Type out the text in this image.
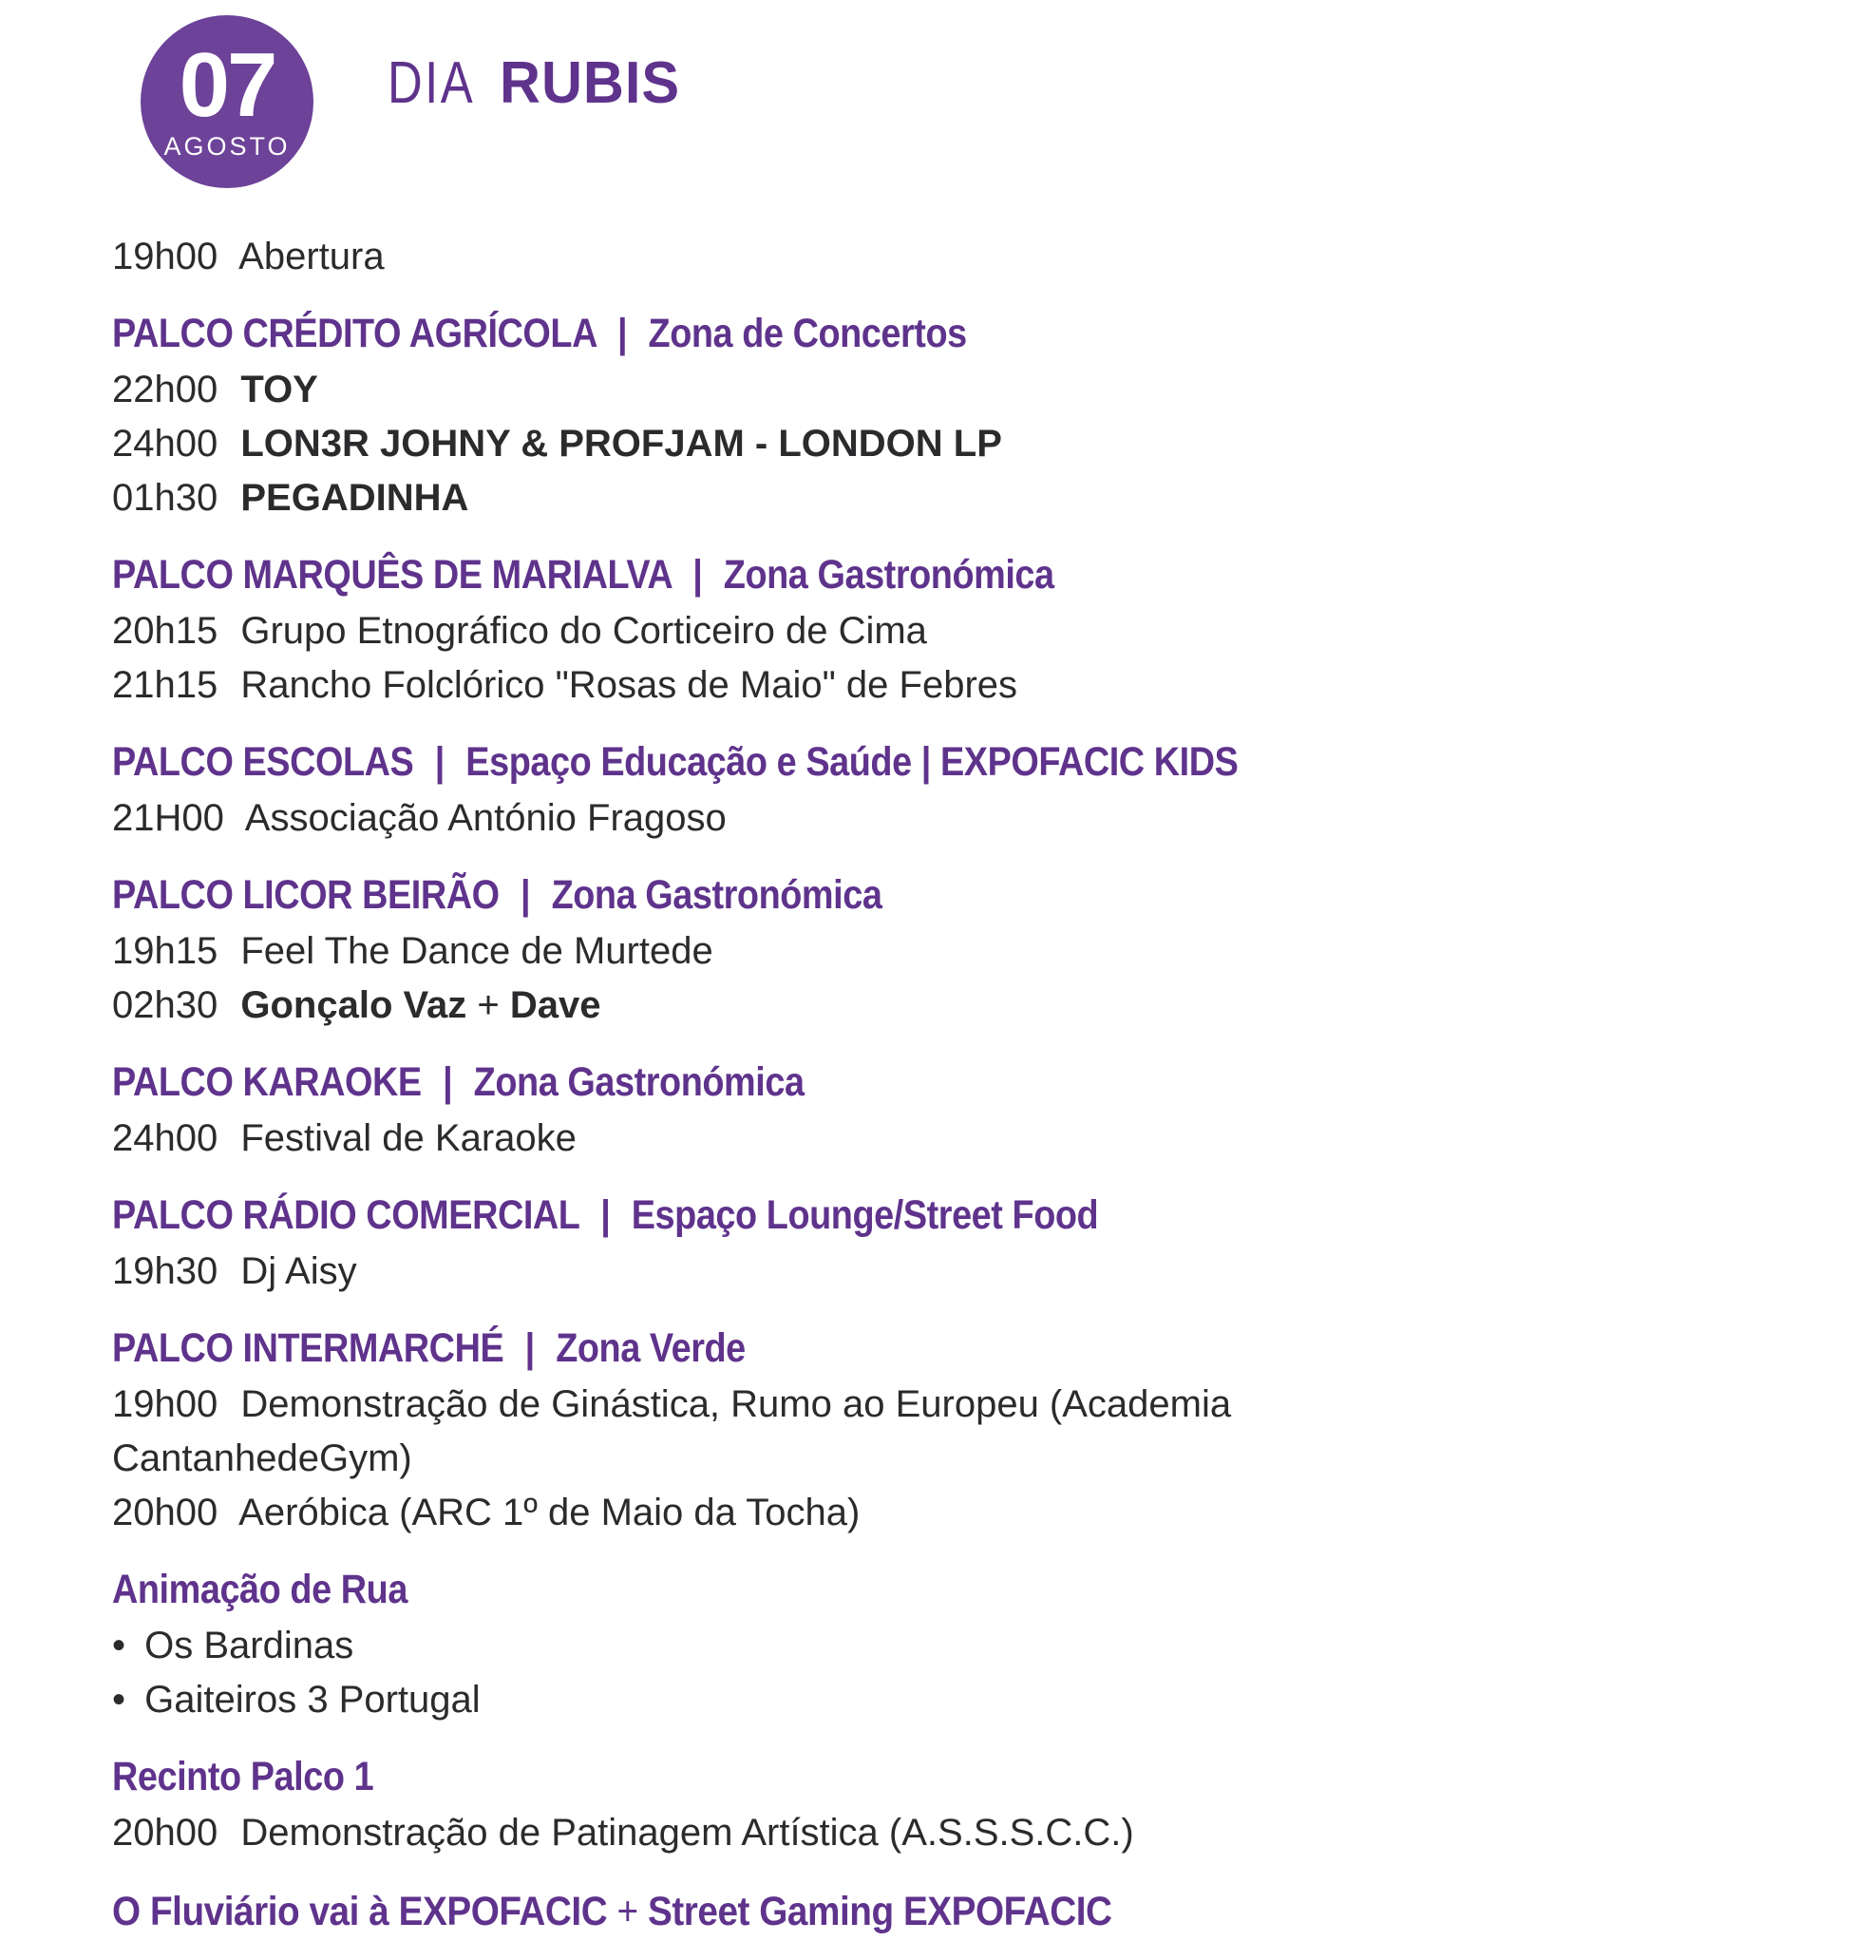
07
AGOSTO
DIA RUBIS
19h00 Abertura
PALCO CRÉDITO AGRÍCOLA | Zona de Concertos
22h00 TOY
24h00 LON3R JOHNY & PROFJAM - LONDON LP
01h30 PEGADINHA
PALCO MARQUÊS DE MARIALVA | Zona Gastronómica
20h15 Grupo Etnográfico do Corticeiro de Cima
21h15 Rancho Folclórico "Rosas de Maio" de Febres
PALCO ESCOLAS | Espaço Educação e Saúde | EXPOFACIC KIDS
21H00 Associação António Fragoso
PALCO LICOR BEIRÃO | Zona Gastronómica
19h15 Feel The Dance de Murtede
02h30 Gonçalo Vaz + Dave
PALCO KARAOKE | Zona Gastronómica
24h00 Festival de Karaoke
PALCO RÁDIO COMERCIAL | Espaço Lounge/Street Food
19h30 Dj Aisy
PALCO INTERMARCHÉ | Zona Verde
19h00 Demonstração de Ginástica, Rumo ao Europeu (Academia CantanhedeGym)
20h00 Aeróbica (ARC 1º de Maio da Tocha)
Animação de Rua
• Os Bardinas
• Gaiteiros 3 Portugal
Recinto Palco 1
20h00 Demonstração de Patinagem Artística (A.S.S.S.C.C.)
O Fluviário vai à EXPOFACIC + Street Gaming EXPOFACIC
